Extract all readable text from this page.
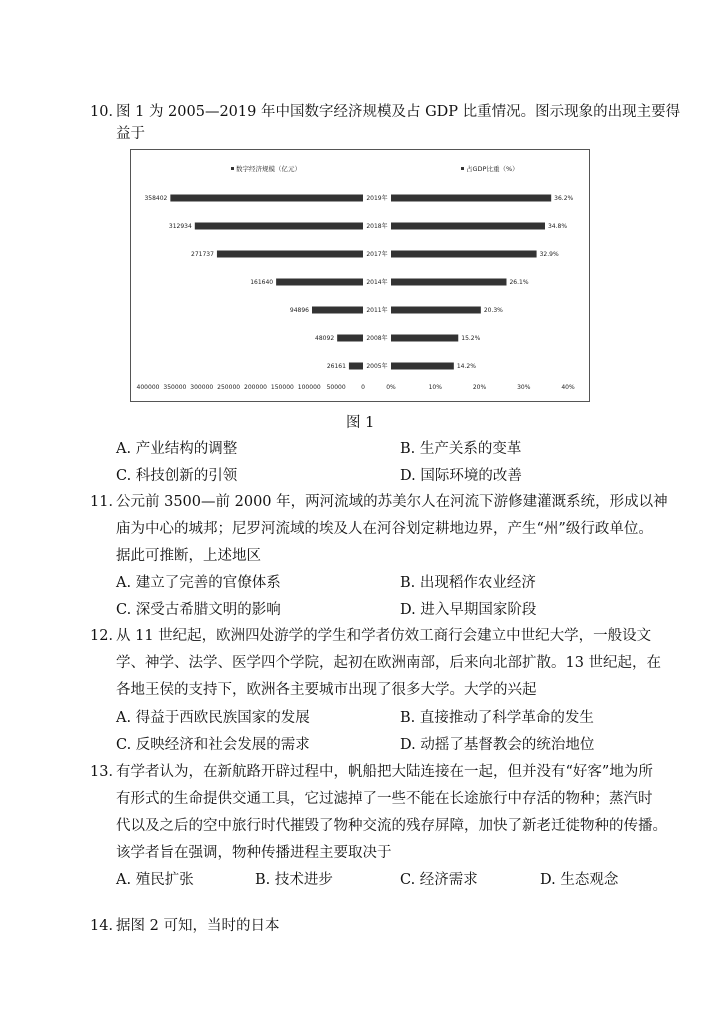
10．
图 1 为 2005—2019 年中国数字经济规模及占 GDP 比重情况。图示现象的出现主要得
益于
数字经济规模（亿元）	占GDP比重（%）
358402	2019年	36.2%
312934	2018年	34.8%
271737	2017年	32.9%
161640	2014年	26.1%
94896	2011年	20.3%
48092	2008年	15.2%
26161	2005年	14.2%
400000 350000 300000 250000 200000 150000 100000 50000	0	0%	10%	20%	30%	40%
图 1
A. 产业结构的调整	B. 生产关系的变革
C. 科技创新的引领	D. 国际环境的改善
11．
公元前 3500—前 2000 年，两河流域的苏美尔人在河流下游修建灌溉系统，形成以神
庙为中心的城邦；尼罗河流域的埃及人在河谷划定耕地边界，产生“州”级行政单位。
据此可推断，上述地区
A. 建立了完善的官僚体系	B. 出现稻作农业经济
C. 深受古希腊文明的影响	D. 进入早期国家阶段
12．
从 11 世纪起，欧洲四处游学的学生和学者仿效工商行会建立中世纪大学，一般设文
学、神学、法学、医学四个学院，起初在欧洲南部，后来向北部扩散。13 世纪起，在
各地王侯的支持下，欧洲各主要城市出现了很多大学。大学的兴起
A. 得益于西欧民族国家的发展	B. 直接推动了科学革命的发生
C. 反映经济和社会发展的需求	D. 动摇了基督教会的统治地位
13．
有学者认为，在新航路开辟过程中，帆船把大陆连接在一起，但并没有“好客”地为所
有形式的生命提供交通工具，它过滤掉了一些不能在长途旅行中存活的物种；蒸汽时
代以及之后的空中旅行时代摧毁了物种交流的残存屏障，加快了新老迁徙物种的传播。
该学者旨在强调，物种传播进程主要取决于
A. 殖民扩张	B. 技术进步	C. 经济需求	D. 生态观念
14．
据图 2 可知，当时的日本
